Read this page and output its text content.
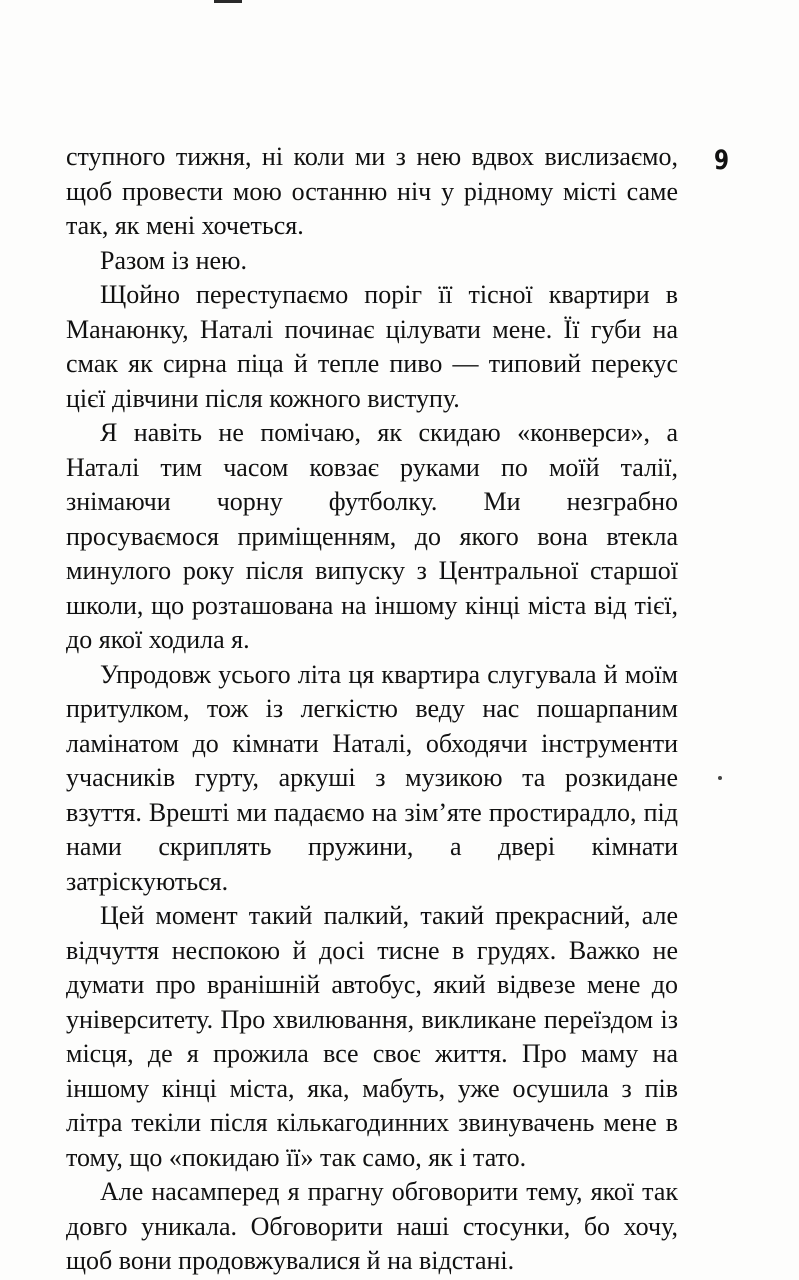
9

ступного тижня, ні коли ми з нею вдвох вислизаємо, щоб провести мою останню ніч у рідному місті саме так, як мені хочеться.

Разом із нею.

Щойно переступаємо поріг її тісної квартири в Манаюнку, Наталі починає цілувати мене. Її губи на смак як сирна піца й тепле пиво — типовий перекус цієї дівчини після кожного виступу.

Я навіть не помічаю, як скидаю «конверси», а Наталі тим часом ковзає руками по моїй талії, знімаючи чорну футболку. Ми незграбно просуваємося приміщенням, до якого вона втекла минулого року після випуску з Центральної старшої школи, що розташована на іншому кінці міста від тієї, до якої ходила я.

Упродовж усього літа ця квартира слугувала й моїм притулком, тож із легкістю веду нас пошарпаним ламінатом до кімнати Наталі, обходячи інструменти учасників гурту, аркуші з музикою та розкидане взуття. Врешті ми падаємо на зім’яте простирадло, під нами скриплять пружини, а двері кімнати затріскуються.

Цей момент такий палкий, такий прекрасний, але відчуття неспокою й досі тисне в грудях. Важко не думати про вранішній автобус, який відвезе мене до університету. Про хвилювання, викликане переїздом із місця, де я прожила все своє життя. Про маму на іншому кінці міста, яка, мабуть, уже осушила з пів літра текіли після кількагодинних звинувачень мене в тому, що «покидаю її» так само, як і тато.

Але насамперед я прагну обговорити тему, якої так довго уникала. Обговорити наші стосунки, бо хочу, щоб вони продовжувалися й на відстані.
